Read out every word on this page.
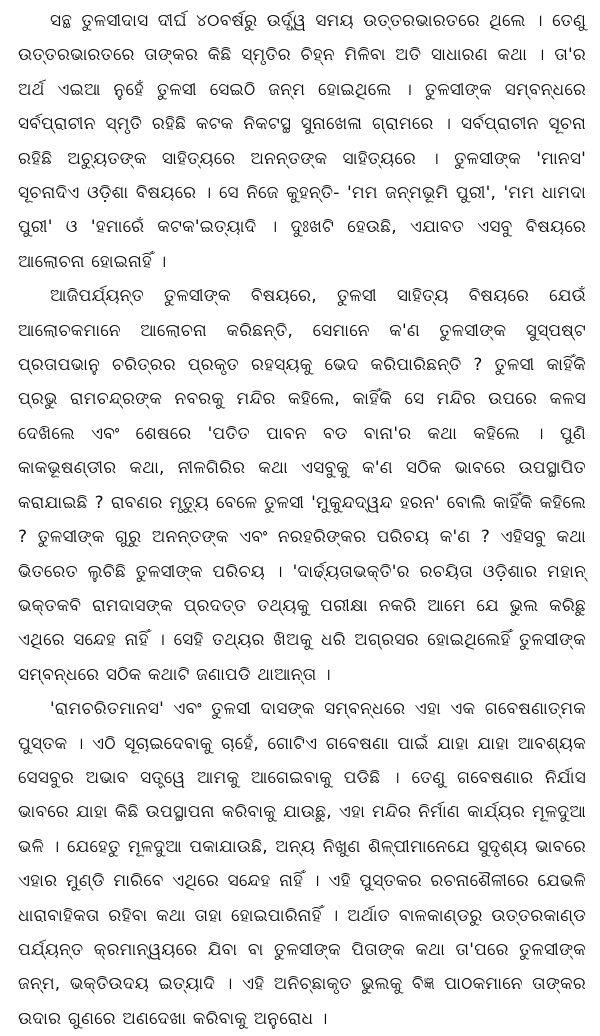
ସନ୍ଥ ତୁଳସୀଦାସ ଦୀର୍ଘ ୪୦ବର୍ଷରୁ ଉର୍ଦ୍ଧ୍ୱ ସମୟ ଉତ୍ତରଭାରତରେ ଥିଲେ । ତେଣୁ ଉତ୍ତରଭାରତରେ ତାଙ୍କର କିଛି ସ୍ମୃତିର ଚିହ୍ନ ମିଳିବା ଅତି ସାଧାରଣ କଥା । ତା'ର ଅର୍ଥ ଏଇଆ ନୁହେଁ ତୁଳସୀ ସେଇଠି ଜନ୍ମ ହୋଇଥିଲେ । ତୁଳସୀଙ୍କ ସମ୍ବନ୍ଧରେ ସର୍ବପ୍ରାଚୀନ ସ୍ମୃତି ରହିଛି କଟକ ନିକଟସ୍ଥ ସୁନାଖେଳା ଗ୍ରାମରେ । ସର୍ବପ୍ରାଚୀନ ସୂଚନା ରହିଛି ଅଚ୍ୟୁତଙ୍କ ସାହିତ୍ୟରେ ଅନନ୍ତଙ୍କ ସାହିତ୍ୟରେ । ତୁଳସୀଙ୍କ 'ମାନସ' ସୂଚନାଦିଏ ଓଡ଼ିଶା ବିଷୟରେ । ସେ ନିଜେ କୁହନ୍ତି- 'ମମ ଜନ୍ମଭୂମି ପୁରୀ', 'ମମ ଧାମଦା ପୁରୀ' ଓ 'ହମାରେଁ କଟକ'ଇତ୍ୟାଦି । ଦୁଃଖଟି ହେଉଛି, ଏଯାବତ ଏସବୁ ବିଷୟରେ ଆଲୋଚନା ହୋଇନାହିଁ ।

ଆଜିପର୍ଯ୍ୟନ୍ତ ତୁଳସୀଙ୍କ ବିଷୟରେ, ତୁଳସୀ ସାହିତ୍ୟ ବିଷୟରେ ଯେଉଁ ଆଲୋଚକମାନେ ଆଲୋଚନା କରିଛନ୍ତି, ସେମାନେ କ'ଣ ତୁଳସୀଙ୍କ ସୁସ୍ପଷ୍ଟ ପ୍ରତାପଭାନୁ ଚରିତ୍ରର ପ୍ରକୃତ ରହସ୍ୟକୁ ଭେଦ କରିପାରିଛନ୍ତି ? ତୁଳସୀ କାହିଁକି ପ୍ରଭୁ ରାମଚନ୍ଦ୍ରଙ୍କ ନବରକୁ ମନ୍ଦିର କହିଲେ, କାହିଁକି ସେ ମନ୍ଦିର ଉପରେ କଳସ ଦେଖିଲେ ଏବଂ ଶେଷରେ 'ପତିତ ପାବନ ବଡ ବାନା'ର କଥା କହିଲେ । ପୁଣି କାକଭୂଷଣ୍ଡୀର କଥା, ନୀଳଗିରିର କଥା ଏସବୁକୁ କ'ଣ ସଠିକ ଭାବରେ ଉପସ୍ଥାପିତ କରାଯାଇଛି ? ରାବଣର ମୃତ୍ୟୁ ବେଳେ ତୁଳସୀ 'ମୁକୁନ୍ଦଦ୍ୱନ୍ଦ ହରନ' ବୋଲି କାହିଁକି କହିଲେ ? ତୁଳସୀଙ୍କ ଗୁରୁ ଅନନ୍ତଙ୍କ ଏବଂ ନରହରିଙ୍କର ପରିଚୟ କ'ଣ ? ଏହିସବୁ କଥା ଭିତରେତ ଲୁଚିଛି ତୁଳସୀଙ୍କ ପରିଚୟ । 'ଦାର୍ଢ୍ୟତାଭକ୍ତି'ର ରଚୟିତା ଓଡ଼ିଶାର ମହାନ୍ ଭକ୍ତକବି ରାମଦାସଙ୍କ ପ୍ରଦତ୍ତ ତଥ୍ୟକୁ ପରୀକ୍ଷା ନକରି ଆମେ ଯେ ଭୁଲ କରିଛୁ ଏଥିରେ ସନ୍ଦେହ ନାହିଁ । ସେହି ତଥ୍ୟର ଖିଅକୁ ଧରି ଅଗ୍ରସର ହୋଇଥିଲେହିଁ ତୁଳସୀଙ୍କ ସମ୍ବନ୍ଧରେ ସଠିକ କଥାଟି ଜଣାପଡି ଥାଆନ୍ତା ।

'ରାମଚରିତମାନସ' ଏବଂ ତୁଳସୀ ଦାସଙ୍କ ସମ୍ବନ୍ଧରେ ଏହା ଏକ ଗବେଷଣାତ୍ମକ ପୁସ୍ତକ । ଏଠି ସୂଚାଇଦେବାକୁ ଚାହେଁ, ଗୋଟିଏ ଗବେଷଣା ପାଇଁ ଯାହା ଯାହା ଆବଶ୍ୟକ ସେସବୁର ଅଭାବ ସତ୍ତ୍ୱେ ଆମକୁ ଆଗେଇବାକୁ ପଡିଛି । ତେଣୁ ଗବେଷଣାର ନିର୍ଯାସ ଭାବରେ ଯାହା କିଛି ଉପସ୍ଥାପନା କରିବାକୁ ଯାଉଛୁ, ଏହା ମନ୍ଦିର ନିର୍ମାଣ କାର୍ଯ୍ୟର ମୂଳଦୁଆ ଭଳି । ଯେହେତୁ ମୂଳଦୁଆ ପକାଯାଉଛି, ଅନ୍ୟ ନିଖୁଣ ଶିଳ୍ପୀମାନେଯେ ସୁଦୃଶ୍ୟ ଭାବରେ ଏହାର ମୁଣ୍ଡି ମାରିବେ ଏଥିରେ ସନ୍ଦେହ ନାହିଁ । ଏହି ପୁସ୍ତକର ରଚନାଶୈଳୀରେ ଯେଭଳି ଧାରାବାହିକତା ରହିବା କଥା ତାହା ହୋଇପାରିନାହିଁ । ଅର୍ଥାତ ବାଳକାଣ୍ଡରୁ ଉତ୍ତରକାଣ୍ଡ ପର୍ଯ୍ୟନ୍ତ କ୍ରମାନ୍ୱୟରେ ଯିବା ବା ତୁଳସୀଙ୍କ ପିତାଙ୍କ କଥା ତା'ପରେ ତୁଳସୀଙ୍କ ଜନ୍ମ, ଭକ୍ତିଉଦୟ ଇତ୍ୟାଦି । ଏହି ଅନିଚ୍ଛାକୃତ ଭୁଲକୁ ବିଜ୍ଞ ପାଠକମାନେ ତାଙ୍କର ଉଦାର ଗୁଣରେ ଅଣଦେଖା କରିବାକୁ ଅନୁରୋଧ ।
